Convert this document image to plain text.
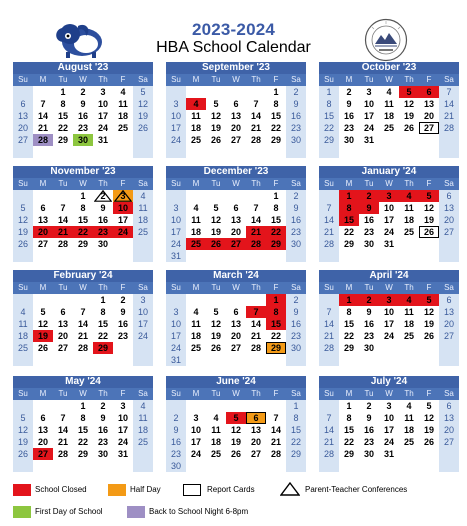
2023-2024
HBA School Calendar
August '23
Su	M	Tu	W	Th	F	Sa
		1	2	3	4	5
6	7	8	9	10	11	12
13	14	15	16	17	18	19
20	21	22	23	24	25	26
27	28	29	30	31		

September '23
Su	M	Tu	W	Th	F	Sa
					1	2
3	4	5	6	7	8	9
10	11	12	13	14	15	16
17	18	19	20	21	22	23
24	25	26	27	28	29	30

October '23
Su	M	Tu	W	Th	F	Sa
1	2	3	4	5	6	7
8	9	10	11	12	13	14
15	16	17	18	19	20	21
22	23	24	25	26	27	28
29	30	31				

November '23
Su	M	Tu	W	Th	F	Sa
			1	2	3	4
5	6	7	8	9	10	11
12	13	14	15	16	17	18
19	20	21	22	23	24	25
26	27	28	29	30		

December '23
Su	M	Tu	W	Th	F	Sa
					1	2
3	4	5	6	7	8	9
10	11	12	13	14	15	16
17	18	19	20	21	22	23
24	25	26	27	28	29	30
31						
January '24
Su	M	Tu	W	Th	F	Sa
	1	2	3	4	5	6
7	8	9	10	11	12	13
14	15	16	17	18	19	20
21	22	23	24	25	26	27
28	29	30	31			

February '24
Su	M	Tu	W	Th	F	Sa
				1	2	3
4	5	6	7	8	9	10
11	12	13	14	15	16	17
18	19	20	21	22	23	24
25	26	27	28	29		

March '24
Su	M	Tu	W	Th	F	Sa
					1	2
3	4	5	6	7	8	9
10	11	12	13	14	15	16
17	18	19	20	21	22	23
24	25	26	27	28	29	30
31						
April '24
Su	M	Tu	W	Th	F	Sa
	1	2	3	4	5	6
7	8	9	10	11	12	13
14	15	16	17	18	19	20
21	22	23	24	25	26	27
28	29	30				

May '24
Su	M	Tu	W	Th	F	Sa
			1	2	3	4
5	6	7	8	9	10	11
12	13	14	15	16	17	18
19	20	21	22	23	24	25
26	27	28	29	30	31	

June '24
Su	M	Tu	W	Th	F	Sa
						1
2	3	4	5	6	7	8
9	10	11	12	13	14	15
16	17	18	19	20	21	22
23	24	25	26	27	28	29
30						
July '24
Su	M	Tu	W	Th	F	Sa
	1	2	3	4	5	6
7	8	9	10	11	12	13
14	15	16	17	18	19	20
21	22	23	24	25	26	27
28	29	30	31			

School Closed	Half Day	Report Cards	Parent-Teacher Conferences
First Day of School	Back to School Night 6-8pm
